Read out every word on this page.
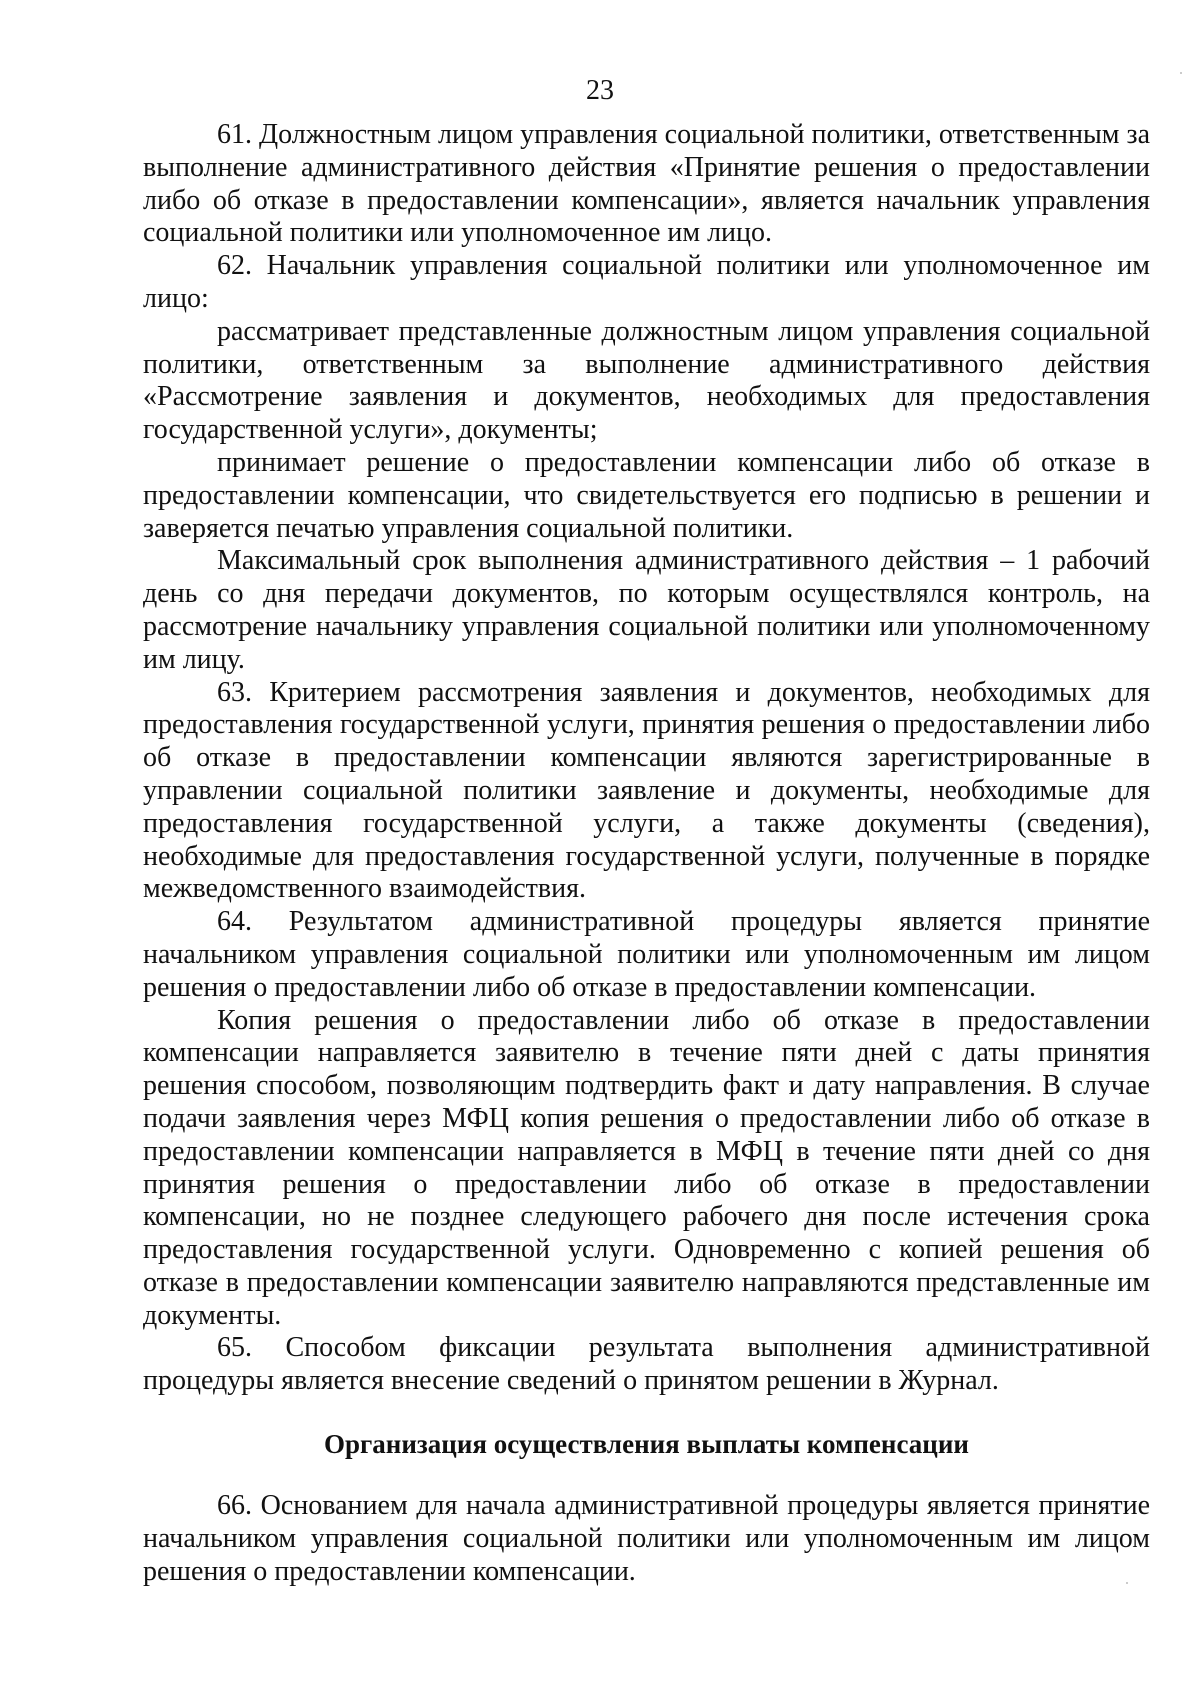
23

61. Должностным лицом управления социальной политики, ответственным за выполнение административного действия «Принятие решения о предоставлении либо об отказе в предоставлении компенсации», является начальник управления социальной политики или уполномоченное им лицо.

62. Начальник управления социальной политики или уполномоченное им лицо:

рассматривает представленные должностным лицом управления социальной политики, ответственным за выполнение административного действия «Рассмотрение заявления и документов, необходимых для предоставления государственной услуги», документы;

принимает решение о предоставлении компенсации либо об отказе в предоставлении компенсации, что свидетельствуется его подписью в решении и заверяется печатью управления социальной политики.

Максимальный срок выполнения административного действия – 1 рабочий день со дня передачи документов, по которым осуществлялся контроль, на рассмотрение начальнику управления социальной политики или уполномоченному им лицу.

63. Критерием рассмотрения заявления и документов, необходимых для предоставления государственной услуги, принятия решения о предоставлении либо об отказе в предоставлении компенсации являются зарегистрированные в управлении социальной политики заявление и документы, необходимые для предоставления государственной услуги, а также документы (сведения), необходимые для предоставления государственной услуги, полученные в порядке межведомственного взаимодействия.

64. Результатом административной процедуры является принятие начальником управления социальной политики или уполномоченным им лицом решения о предоставлении либо об отказе в предоставлении компенсации.

Копия решения о предоставлении либо об отказе в предоставлении компенсации направляется заявителю в течение пяти дней с даты принятия решения способом, позволяющим подтвердить факт и дату направления. В случае подачи заявления через МФЦ копия решения о предоставлении либо об отказе в предоставлении компенсации направляется в МФЦ в течение пяти дней со дня принятия решения о предоставлении либо об отказе в предоставлении компенсации, но не позднее следующего рабочего дня после истечения срока предоставления государственной услуги. Одновременно с копией решения об отказе в предоставлении компенсации заявителю направляются представленные им документы.

65. Способом фиксации результата выполнения административной процедуры является внесение сведений о принятом решении в Журнал.

Организация осуществления выплаты компенсации

66. Основанием для начала административной процедуры является принятие начальником управления социальной политики или уполномоченным им лицом решения о предоставлении компенсации.
